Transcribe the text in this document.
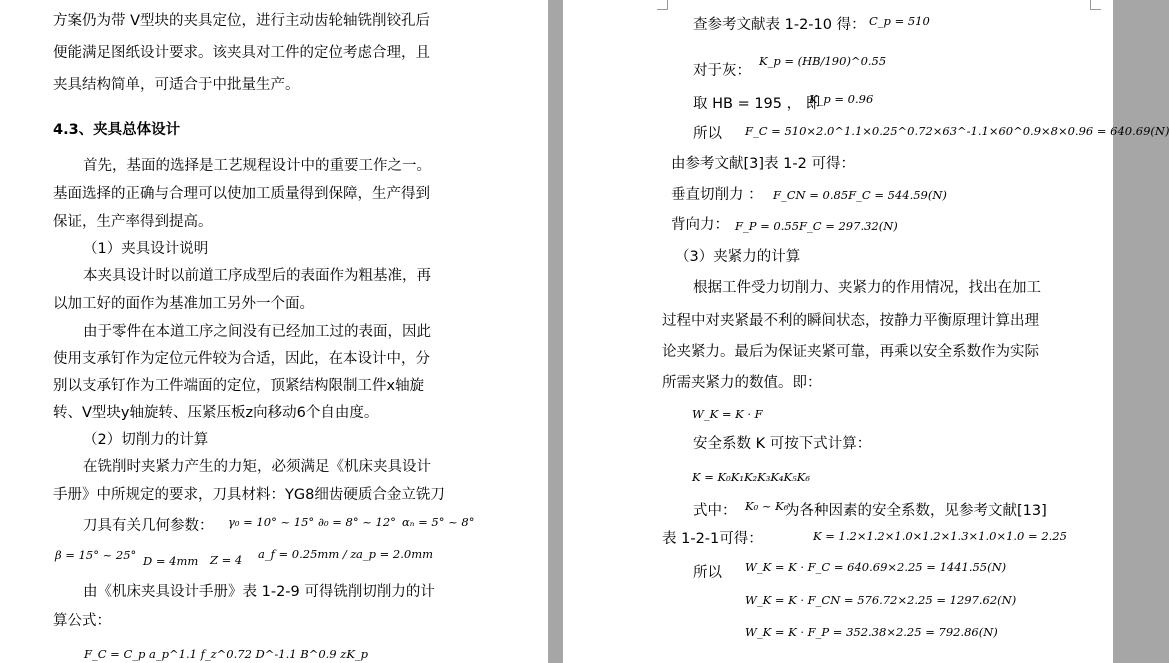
方案仍为带 V型块的夹具定位，进行主动齿轮轴铣削铰孔后
便能满足图纸设计要求。该夹具对工件的定位考虑合理，且
夹具结构简单，可适合于中批量生产。
4.3、夹具总体设计
首先，基面的选择是工艺规程设计中的重要工作之一。
基面选择的正确与合理可以使加工质量得到保障，生产得到
保证，生产率得到提高。
（1）夹具设计说明
本夹具设计时以前道工序成型后的表面作为粗基准，再
以加工好的面作为基准加工另外一个面。
由于零件在本道工序之间没有已经加工过的表面，因此
使用支承钉作为定位元件较为合适，因此，在本设计中，分
别以支承钉作为工件端面的定位，顶紧结构限制工件x轴旋
转、V型块y轴旋转、压紧压板z向移动6个自由度。
（2）切削力的计算
在铣削时夹紧力产生的力矩，必须满足《机床夹具设计
手册》中所规定的要求，刀具材料：YG8细齿硬质合金立铣刀
刀具有关几何参数： γ₀ = 10° ~ 15° ∂₀ = 8° ~ 12° αₙ = 5° ~ 8°
β = 15° ~ 25° D = 4mm Z = 4 a_f = 0.25mm / z a_p = 2.0mm
由《机床夹具设计手册》表 1-2-9 可得铣削切削力的计
算公式：
F_C = C_p a_p^1.1 f_z^0.72 D^-1.1 B^0.9 zK_p
查参考文献表 1-2-10 得： C_p = 510
对于灰：
K_p = (HB/190)^0.55
取 HB = 195 ， 即
K_p = 0.96
所以 F_C = 510×2.0^1.1×0.25^0.72×63^-1.1×60^0.9×8×0.96 = 640.69(N)
由参考文献[3]表 1-2 可得：
垂直切削力 ： F_CN = 0.85F_C = 544.59(N)
背向力： F_P = 0.55F_C = 297.32(N)
（3）夹紧力的计算
根据工件受力切削力、夹紧力的作用情况，找出在加工
过程中对夹紧最不利的瞬间状态，按静力平衡原理计算出理
论夹紧力。最后为保证夹紧可靠，再乘以安全系数作为实际
所需夹紧力的数值。即：
W_K = K · F
安全系数 K 可按下式计算：
K = K₀K₁K₂K₃K₄K₅K₆
式中： K₀ ~ K₆
为各种因素的安全系数，见参考文献[13]
表 1-2-1可得：	K = 1.2×1.2×1.0×1.2×1.3×1.0×1.0 = 2.25
所以 W_K = K · F_C = 640.69×2.25 = 1441.55(N)
W_K = K · F_CN = 576.72×2.25 = 1297.62(N)
W_K = K · F_P = 352.38×2.25 = 792.86(N)
